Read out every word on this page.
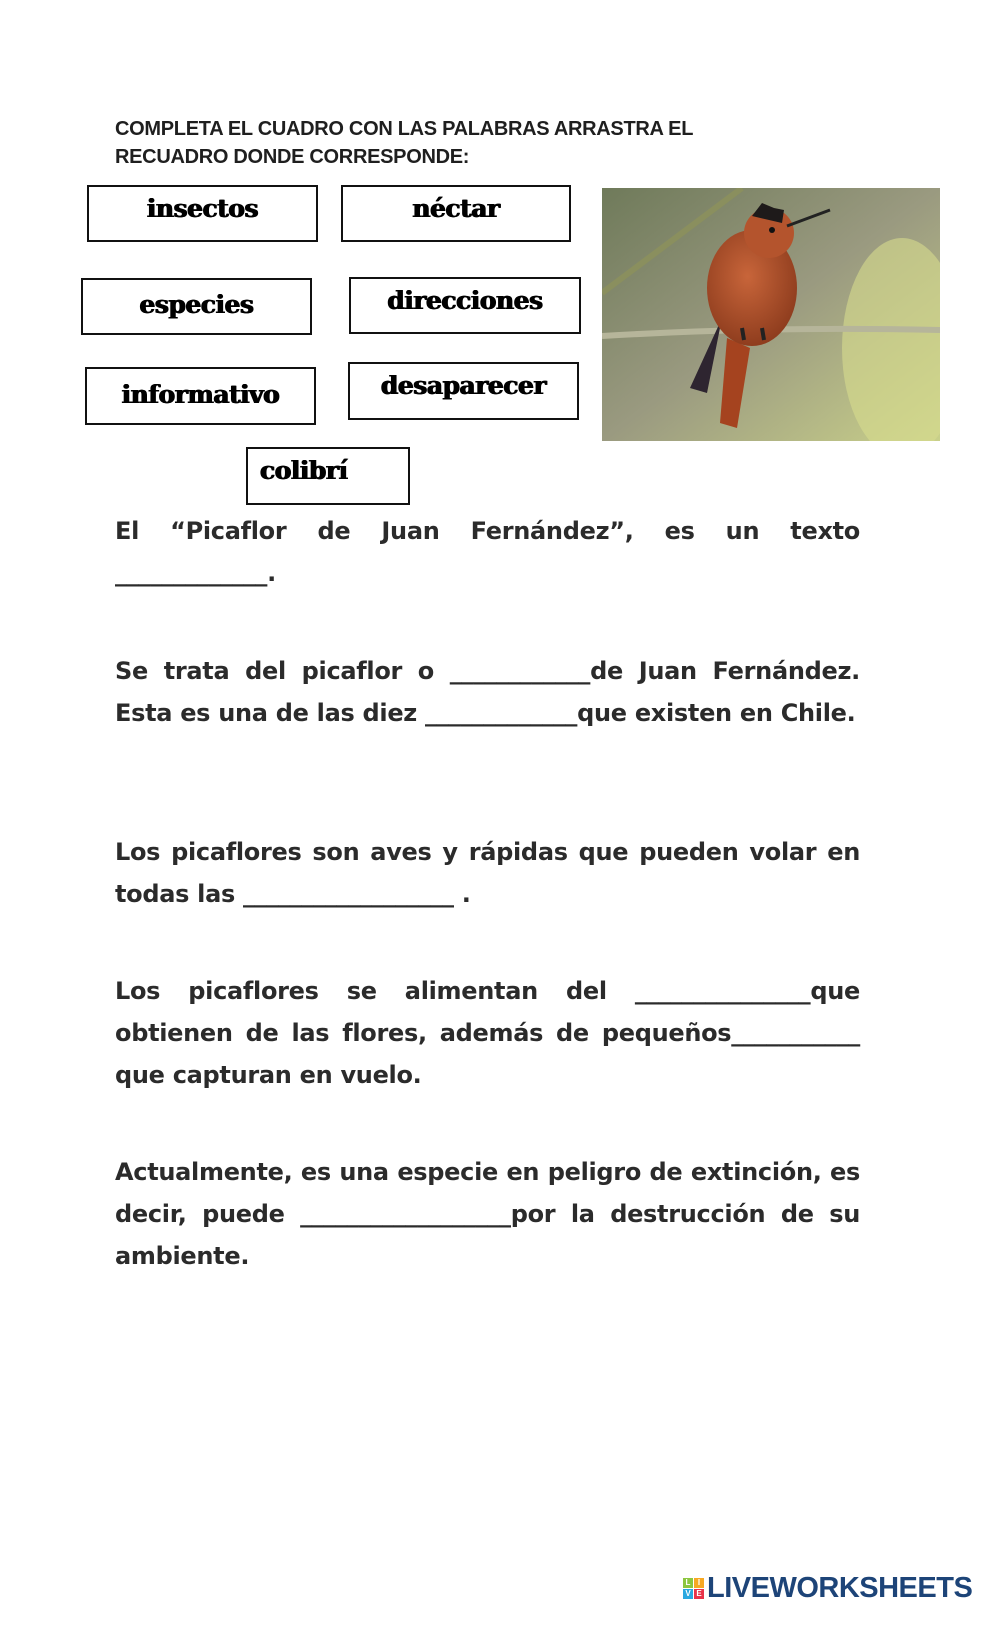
COMPLETA EL CUADRO CON LAS PALABRAS ARRASTRA EL
RECUADRO DONDE CORRESPONDE:
insectos	néctar
especies	direcciones
informativo	desaparecer
colibrí
El “Picaflor de Juan Fernández”, es un texto _____________.
Se trata del picaflor o ____________de Juan Fernández. Esta es una de las diez _____________que existen en Chile.
Los picaflores son aves y rápidas que pueden volar en todas las __________________ .
Los picaflores se alimentan del _______________que obtienen de las flores, además de pequeños___________ que capturan en vuelo.
Actualmente, es una especie en peligro de extinción, es decir, puede __________________por la destrucción de su ambiente.
L I
V E LIVEWORKSHEETS
